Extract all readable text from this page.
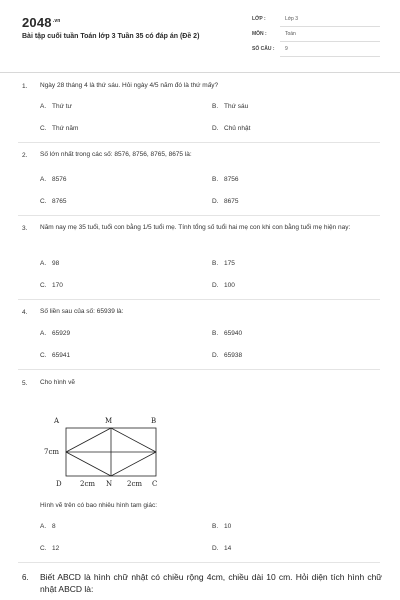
$2048^{.vn}$
Bài tập cuối tuần Toán lớp 3 Tuần 35 có đáp án (Đề 2)
LỚP :	Lớp 3
MÔN :	Toán
SỐ CÂU : 9
1. Ngày 28 tháng 4 là thứ sáu. Hỏi ngày 4/5 năm đó là thứ mấy?
A. Thứ tư	B. Thứ sáu
C. Thứ năm	D. Chủ nhật
2. Số lớn nhất trong các số: 8576, 8756, 8765, 8675 là:
A. 8576	B. 8756
C. 8765	D. 8675
3. Năm nay mẹ 35 tuổi, tuổi con bằng 1/5 tuổi mẹ. Tính tổng số tuổi hai mẹ con khi con bằng tuổi mẹ hiện nay:
A. 98	B. 175
C. 170	D. 100
4. Số liền sau của số: 65939 là:
A. 65929	B. 65940
C. 65941	D. 65938
5. Cho hình vẽ
A	M	B
7cm
D	2cm N 2cm C
Hình vẽ trên có bao nhiêu hình tam giác:
A. 8	B. 10
C. 12	D. 14
6. Biết ABCD là hình chữ nhật có chiều rộng 4cm, chiều dài 10 cm. Hỏi diện tích hình chữ nhật ABCD là:
